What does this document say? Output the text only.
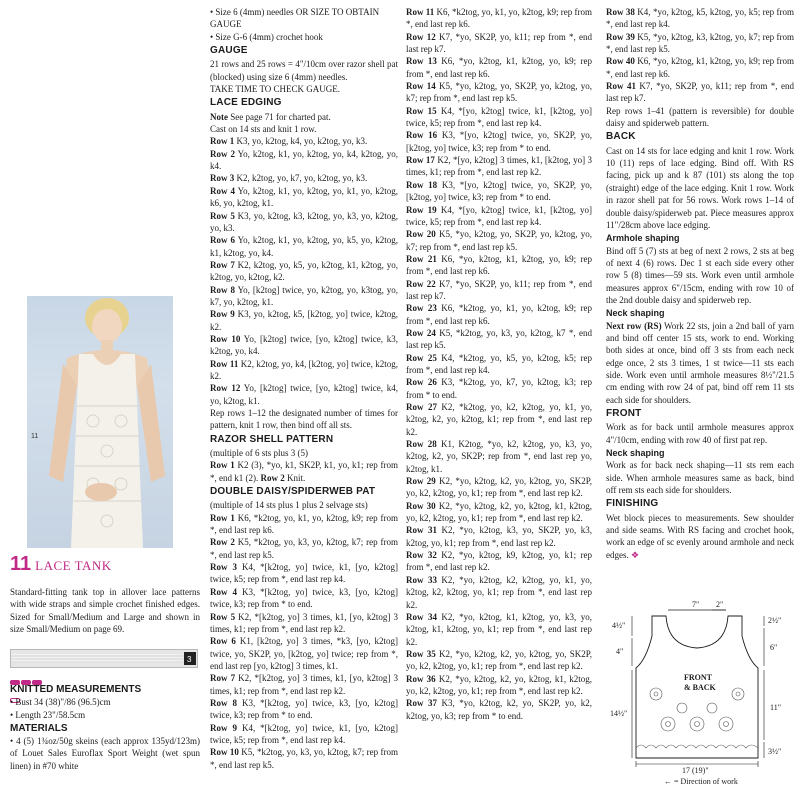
11
11 LACE TANK

Standard-fitting tank top in allover lace patterns with wide straps and simple crochet finished edges. Sized for Small/Medium and Large and shown in size Small/Medium on page 69.

3
KNITTED MEASUREMENTS

• Bust 34 (38)"/86 (96.5)cm

• Length 23"/58.5cm

MATERIALS

• 4 (5) 1¾oz/50g skeins (each approx 135yd/123m) of Louet Sales Euroflax Sport Weight (wet spun linen) in #70 white

• Size 6 (4mm) needles OR SIZE TO OBTAIN GAUGE

• Size G-6 (4mm) crochet hook

GAUGE

21 rows and 25 rows = 4"/10cm over razor shell pat (blocked) using size 6 (4mm) needles.

TAKE TIME TO CHECK GAUGE.

LACE EDGING

Note See page 71 for charted pat.

Cast on 14 sts and knit 1 row.

Row 1 K3, yo, k2tog, k4, yo, k2tog, yo, k3.

Row 2 Yo, k2tog, k1, yo, k2tog, yo, k4, k2tog, yo, k4.

Row 3 K2, k2tog, yo, k7, yo, k2tog, yo, k3.

Row 4 Yo, k2tog, k1, yo, k2tog, yo, k1, yo, k2tog, k6, yo, k2tog, k1.

Row 5 K3, yo, k2tog, k3, k2tog, yo, k3, yo, k2tog, yo, k3.

Row 6 Yo, k2tog, k1, yo, k2tog, yo, k5, yo, k2tog, k1, k2tog, yo, k4.

Row 7 K2, k2tog, yo, k5, yo, k2tog, k1, k2tog, yo, k2tog, yo, k2tog, k2.

Row 8 Yo, [k2tog] twice, yo, k2tog, yo, k3tog, yo, k7, yo, k2tog, k1.

Row 9 K3, yo, k2tog, k5, [k2tog, yo] twice, k2tog, k2.

Row 10 Yo, [k2tog] twice, [yo, k2tog] twice, k3, k2tog, yo, k4.

Row 11 K2, k2tog, yo, k4, [k2tog, yo] twice, k2tog, k2.

Row 12 Yo, [k2tog] twice, [yo, k2tog] twice, k4, yo, k2tog, k1.

Rep rows 1–12 the designated number of times for pattern, knit 1 row, then bind off all sts.

RAZOR SHELL PATTERN

(multiple of 6 sts plus 3 (5)

Row 1 K2 (3), *yo, k1, SK2P, k1, yo, k1; rep from *, end k1 (2). Row 2 Knit.

DOUBLE DAISY/SPIDERWEB PAT

(multiple of 14 sts plus 1 plus 2 selvage sts)

Row 1 K6, *k2tog, yo, k1, yo, k2tog, k9; rep from *, end last rep k6.

Row 2 K5, *k2tog, yo, k3, yo, k2tog, k7; rep from *, end last rep k5.

Row 3 K4, *[k2tog, yo] twice, k1, [yo, k2tog] twice, k5; rep from *, end last rep k4.

Row 4 K3, *[k2tog, yo] twice, k3, [yo, k2tog] twice, k3; rep from * to end.

Row 5 K2, *[k2tog, yo] 3 times, k1, [yo, k2tog] 3 times, k1; rep from *, end last rep k2.

Row 6 K1, [k2tog, yo] 3 times, *k3, [yo, k2tog] twice, yo, SK2P, yo, [k2tog, yo] twice; rep from *, end last rep [yo, k2tog] 3 times, k1.

Row 7 K2, *[k2tog, yo] 3 times, k1, [yo, k2tog] 3 times, k1; rep from *, end last rep k2.

Row 8 K3, *[k2tog, yo] twice, k3, [yo, k2tog] twice, k3; rep from * to end.

Row 9 K4, *[k2tog, yo] twice, k1, [yo, k2tog] twice, k5; rep from *, end last rep k4.

Row 10 K5, *k2tog, yo, k3, yo, k2tog, k7; rep from *, end last rep k5.

Row 11 K6, *k2tog, yo, k1, yo, k2tog, k9; rep from *, end last rep k6.

Row 12 K7, *yo, SK2P, yo, k11; rep from *, end last rep k7.

Row 13 K6, *yo, k2tog, k1, k2tog, yo, k9; rep from *, end last rep k6.

Row 14 K5, *yo, k2tog, yo, SK2P, yo, k2tog, yo, k7; rep from *, end last rep k5.

Row 15 K4, *[yo, k2tog] twice, k1, [k2tog, yo] twice, k5; rep from *, end last rep k4.

Row 16 K3, *[yo, k2tog] twice, yo, SK2P, yo, [k2tog, yo] twice, k3; rep from * to end.

Row 17 K2, *[yo, k2tog] 3 times, k1, [k2tog, yo] 3 times, k1; rep from *, end last rep k2.

Row 18 K3, *[yo, k2tog] twice, yo, SK2P, yo, [k2tog, yo] twice, k3; rep from * to end.

Row 19 K4, *[yo, k2tog] twice, k1, [k2tog, yo] twice, k5; rep from *, end last rep k4.

Row 20 K5, *yo, k2tog, yo, SK2P, yo, k2tog, yo, k7; rep from *, end last rep k5.

Row 21 K6, *yo, k2tog, k1, k2tog, yo, k9; rep from *, end last rep k6.

Row 22 K7, *yo, SK2P, yo, k11; rep from *, end last rep k7.

Row 23 K6, *k2tog, yo, k1, yo, k2tog, k9; rep from *, end last rep k6.

Row 24 K5, *k2tog, yo, k3, yo, k2tog, k7 *, end last rep k5.

Row 25 K4, *k2tog, yo, k5, yo, k2tog, k5; rep from *, end last rep k4.

Row 26 K3, *k2tog, yo, k7, yo, k2tog, k3; rep from * to end.

Row 27 K2, *k2tog, yo, k2, k2tog, yo, k1, yo, k2tog, k2, yo, k2tog, k1; rep from *, end last rep k2.

Row 28 K1, K2tog, *yo, k2, k2tog, yo, k3, yo, k2tog, k2, yo, SK2P; rep from *, end last rep yo, k2tog, k1.

Row 29 K2, *yo, k2tog, k2, yo, k2tog, yo, SK2P, yo, k2, k2tog, yo, k1; rep from *, end last rep k2.

Row 30 K2, *yo, k2tog, k2, yo, k2tog, k1, k2tog, yo, k2, k2tog, yo, k1; rep from *, end last rep k2.

Row 31 K2, *yo, k2tog, k3, yo, SK2P, yo, k3, k2tog, yo, k1; rep from *, end last rep k2.

Row 32 K2, *yo, k2tog, k9, k2tog, yo, k1; rep from *, end last rep k2.

Row 33 K2, *yo, k2tog, k2, k2tog, yo, k1, yo, k2tog, k2, k2tog, yo, k1; rep from *, end last rep k2.

Row 34 K2, *yo, k2tog, k1, k2tog, yo, k3, yo, k2tog, k1, k2tog, yo, k1; rep from *, end last rep k2.

Row 35 K2, *yo, k2tog, k2, yo, k2tog, yo, SK2P, yo, k2, k2tog, yo, k1; rep from *, end last rep k2.

Row 36 K2, *yo, k2tog, k2, yo, k2tog, k1, k2tog, yo, k2, k2tog, yo, k1; rep from *, end last rep k2.

Row 37 K3, *yo, k2tog, k2, yo, SK2P, yo, k2, k2tog, yo, k3; rep from * to end.

Row 38 K4, *yo, k2tog, k5, k2tog, yo, k5; rep from *, end last rep k4.

Row 39 K5, *yo, k2tog, k3, k2tog, yo, k7; rep from *, end last rep k5.

Row 40 K6, *yo, k2tog, k1, k2tog, yo, k9; rep from *, end last rep k6.

Row 41 K7, *yo, SK2P, yo, k11; rep from *, end last rep k7.

Rep rows 1–41 (pattern is reversible) for double daisy and spiderweb pattern.

BACK

Cast on 14 sts for lace edging and knit 1 row. Work 10 (11) reps of lace edging. Bind off. With RS facing, pick up and k 87 (101) sts along the top (straight) edge of the lace edging. Knit 1 row. Work in razor shell pat for 56 rows. Work rows 1–14 of double daisy/spiderweb pat. Piece measures approx 11"/28cm above lace edging.

Armhole shaping

Bind off 5 (7) sts at beg of next 2 rows, 2 sts at beg of next 4 (6) rows. Dec 1 st each side every other row 5 (8) times—59 sts. Work even until armhole measures approx 6"/15cm, ending with row 10 of the 2nd double daisy and spiderweb rep.

Neck shaping

Next row (RS) Work 22 sts, join a 2nd ball of yarn and bind off center 15 sts, work to end. Working both sides at once, bind off 3 sts from each neck edge once, 2 sts 3 times, 1 st twice—11 sts each side. Work even until armhole measures 8½"/21.5 cm ending with row 24 of pat, bind off rem 11 sts each side for shoulders.

FRONT

Work as for back until armhole measures approx 4"/10cm, ending with row 40 of first pat rep.

Neck shaping

Work as for back neck shaping—11 sts rem each side. When armhole measures same as back, bind off rem sts each side for shoulders.

FINISHING

Wet block pieces to measurements. Sew shoulder and side seams. With RS facing and crochet hook, work an edge of sc evenly around armhole and neck edges. ❖

7" 2"
FRONT
& BACK
4½"
4"
14½"
2½"
6"
11"
3½"
17 (19)"
← = Direction of work
